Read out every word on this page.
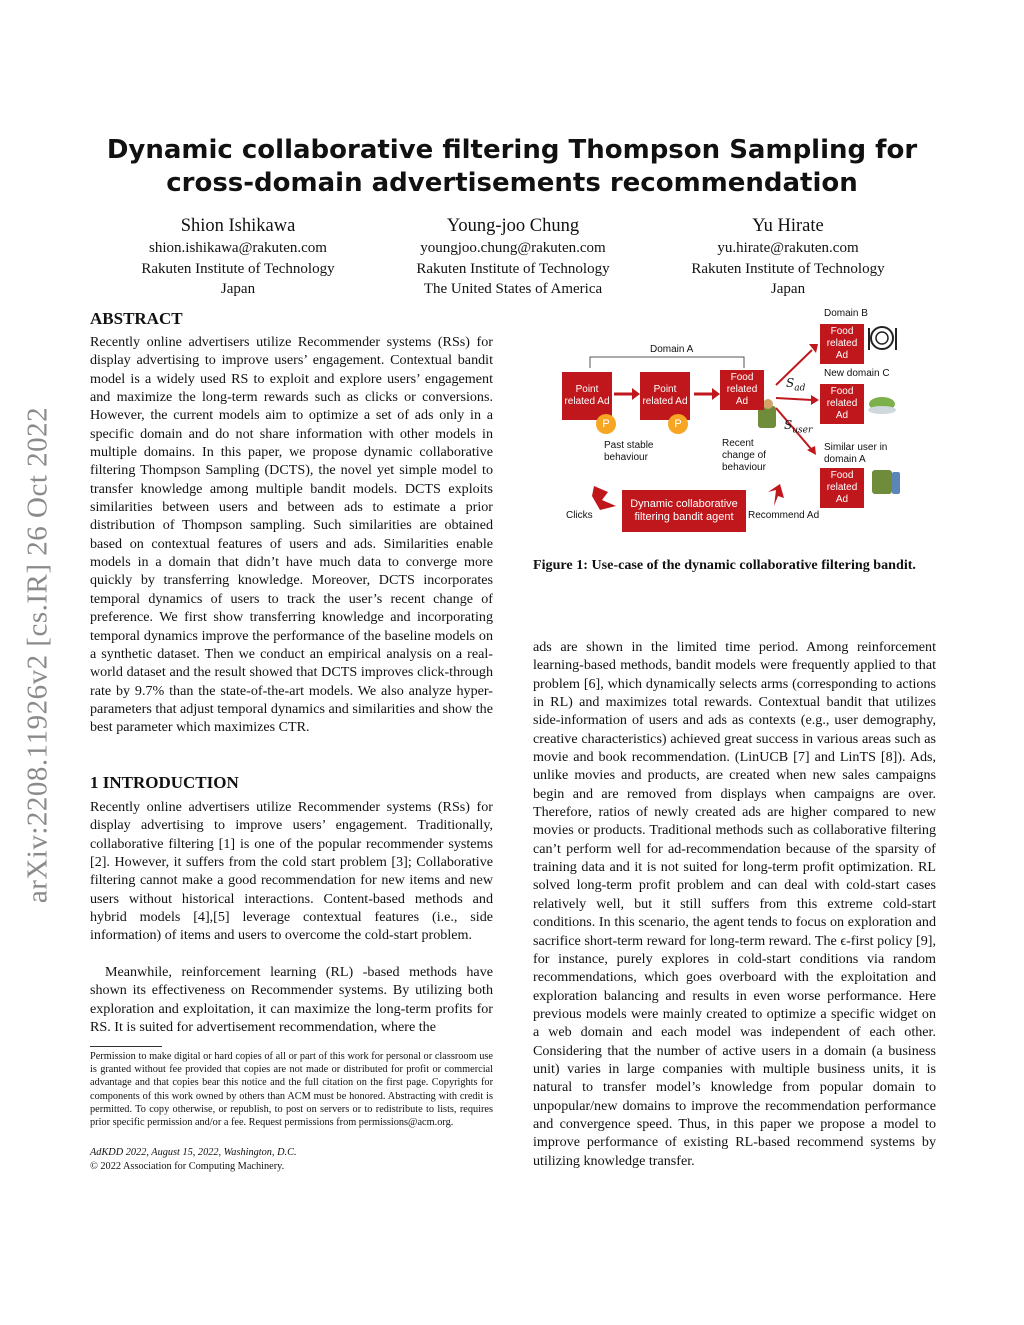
Dynamic collaborative filtering Thompson Sampling for
cross-domain advertisements recommendation
Shion Ishikawa
shion.ishikawa@rakuten.com
Rakuten Institute of Technology
Japan
Young-joo Chung
youngjoo.chung@rakuten.com
Rakuten Institute of Technology
The United States of America
Yu Hirate
yu.hirate@rakuten.com
Rakuten Institute of Technology
Japan
arXiv:2208.11926v2 [cs.IR] 26 Oct 2022
ABSTRACT
Recently online advertisers utilize Recommender systems (RSs) for display advertising to improve users’ engagement. Contextual bandit model is a widely used RS to exploit and explore users’ engagement and maximize the long-term rewards such as clicks or conversions. However, the current models aim to optimize a set of ads only in a specific domain and do not share information with other models in multiple domains. In this paper, we propose dynamic collaborative filtering Thompson Sampling (DCTS), the novel yet simple model to transfer knowledge among multiple bandit models. DCTS exploits similarities between users and between ads to estimate a prior distribution of Thompson sampling. Such similarities are obtained based on contextual features of users and ads. Similarities enable models in a domain that didn’t have much data to converge more quickly by transferring knowledge. Moreover, DCTS incorporates temporal dynamics of users to track the user’s recent change of preference. We first show transferring knowledge and incorporating temporal dynamics improve the performance of the baseline models on a synthetic dataset. Then we conduct an empirical analysis on a real-world dataset and the result showed that DCTS improves click-through rate by 9.7% than the state-of-the-art models. We also analyze hyper-parameters that adjust temporal dynamics and similarities and show the best parameter which maximizes CTR.
1 INTRODUCTION
Recently online advertisers utilize Recommender systems (RSs) for display advertising to improve users’ engagement. Traditionally, collaborative filtering [1] is one of the popular recommender systems [2]. However, it suffers from the cold start problem [3]; Collaborative filtering cannot make a good recommendation for new items and new users without historical interactions. Content-based methods and hybrid models [4],[5] leverage contextual features (i.e., side information) of items and users to overcome the cold-start problem.
Meanwhile, reinforcement learning (RL) -based methods have shown its effectiveness on Recommender systems. By utilizing both exploration and exploitation, it can maximize the long-term profits for RS. It is suited for advertisement recommendation, where the
Permission to make digital or hard copies of all or part of this work for personal or classroom use is granted without fee provided that copies are not made or distributed for profit or commercial advantage and that copies bear this notice and the full citation on the first page. Copyrights for components of this work owned by others than ACM must be honored. Abstracting with credit is permitted. To copy otherwise, or republish, to post on servers or to redistribute to lists, requires prior specific permission and/or a fee. Request permissions from permissions@acm.org.
AdKDD 2022, August 15, 2022, Washington, D.C.
© 2022 Association for Computing Machinery.
Domain B
Domain A
New domain C
Point related Ad
Point related Ad
Food related Ad
Food related Ad
Food related Ad
Food related Ad
P	P
Past stable behaviour
Recent change of behaviour
Similar user in domain A
$S_{ad}$
$S_{user}$
Clicks
Dynamic collaborative filtering bandit agent	Recommend Ad
Figure 1: Use-case of the dynamic collaborative filtering bandit.
ads are shown in the limited time period. Among reinforcement learning-based methods, bandit models were frequently applied to that problem [6], which dynamically selects arms (corresponding to actions in RL) and maximizes total rewards. Contextual bandit that utilizes side-information of users and ads as contexts (e.g., user demography, creative characteristics) achieved great success in various areas such as movie and book recommendation. (LinUCB [7] and LinTS [8]). Ads, unlike movies and products, are created when new sales campaigns begin and are removed from displays when campaigns are over. Therefore, ratios of newly created ads are higher compared to new movies or products. Traditional methods such as collaborative filtering can’t perform well for ad-recommendation because of the sparsity of training data and it is not suited for long-term profit optimization. RL solved long-term profit problem and can deal with cold-start cases relatively well, but it still suffers from this extreme cold-start conditions. In this scenario, the agent tends to focus on exploration and sacrifice short-term reward for long-term reward. The ϵ-first policy [9], for instance, purely explores in cold-start conditions via random recommendations, which goes overboard with the exploitation and exploration balancing and results in even worse performance. Here previous models were mainly created to optimize a specific widget on a web domain and each model was independent of each other. Considering that the number of active users in a domain (a business unit) varies in large companies with multiple business units, it is natural to transfer model’s knowledge from popular domain to unpopular/new domains to improve the recommendation performance and convergence speed. Thus, in this paper we propose a model to improve performance of existing RL-based recommend systems by utilizing knowledge transfer.
